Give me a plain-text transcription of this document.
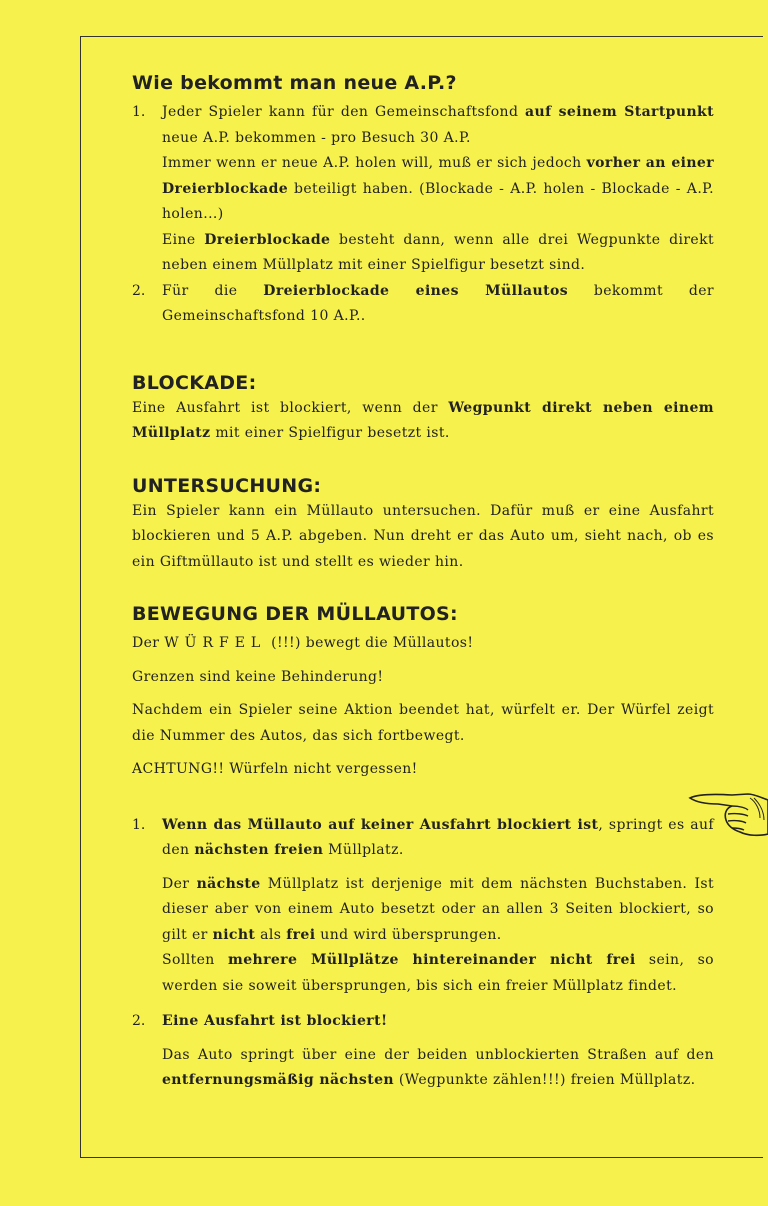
Wie bekommt man neue A.P.?
1.	Jeder Spieler kann für den Gemeinschaftsfond auf seinem Startpunkt neue A.P. bekommen - pro Besuch 30 A.P.

Immer wenn er neue A.P. holen will, muß er sich jedoch vorher an einer Dreierblockade beteiligt haben. (Blockade - A.P. holen - Blockade - A.P. holen...)

Eine Dreierblockade besteht dann, wenn alle drei Wegpunkte direkt neben einem Müllplatz mit einer Spielfigur besetzt sind.

2.	Für die Dreierblockade eines Müllautos bekommt der Gemeinschaftsfond 10 A.P..

BLOCKADE:

Eine Ausfahrt ist blockiert, wenn der Wegpunkt direkt neben einem Müllplatz mit einer Spielfigur besetzt ist.

UNTERSUCHUNG:

Ein Spieler kann ein Müllauto untersuchen. Dafür muß er eine Ausfahrt blockieren und 5 A.P. abgeben. Nun dreht er das Auto um, sieht nach, ob es ein Giftmüllauto ist und stellt es wieder hin.

BEWEGUNG DER MÜLLAUTOS:

Der WÜRFEL (!!!) bewegt die Müllautos!

Grenzen sind keine Behinderung!

Nachdem ein Spieler seine Aktion beendet hat, würfelt er. Der Würfel zeigt die Nummer des Autos, das sich fortbewegt.

ACHTUNG!! Würfeln nicht vergessen!

1.	Wenn das Müllauto auf keiner Ausfahrt blockiert ist, springt es auf den nächsten freien Müllplatz.

Der nächste Müllplatz ist derjenige mit dem nächsten Buchstaben. Ist dieser aber von einem Auto besetzt oder an allen 3 Seiten blockiert, so gilt er nicht als frei und wird übersprungen.

Sollten mehrere Müllplätze hintereinander nicht frei sein, so werden sie soweit übersprungen, bis sich ein freier Müllplatz findet.

2.	Eine Ausfahrt ist blockiert!

Das Auto springt über eine der beiden unblockierten Straßen auf den entfernungsmäßig nächsten (Wegpunkte zählen!!!) freien Müllplatz.
